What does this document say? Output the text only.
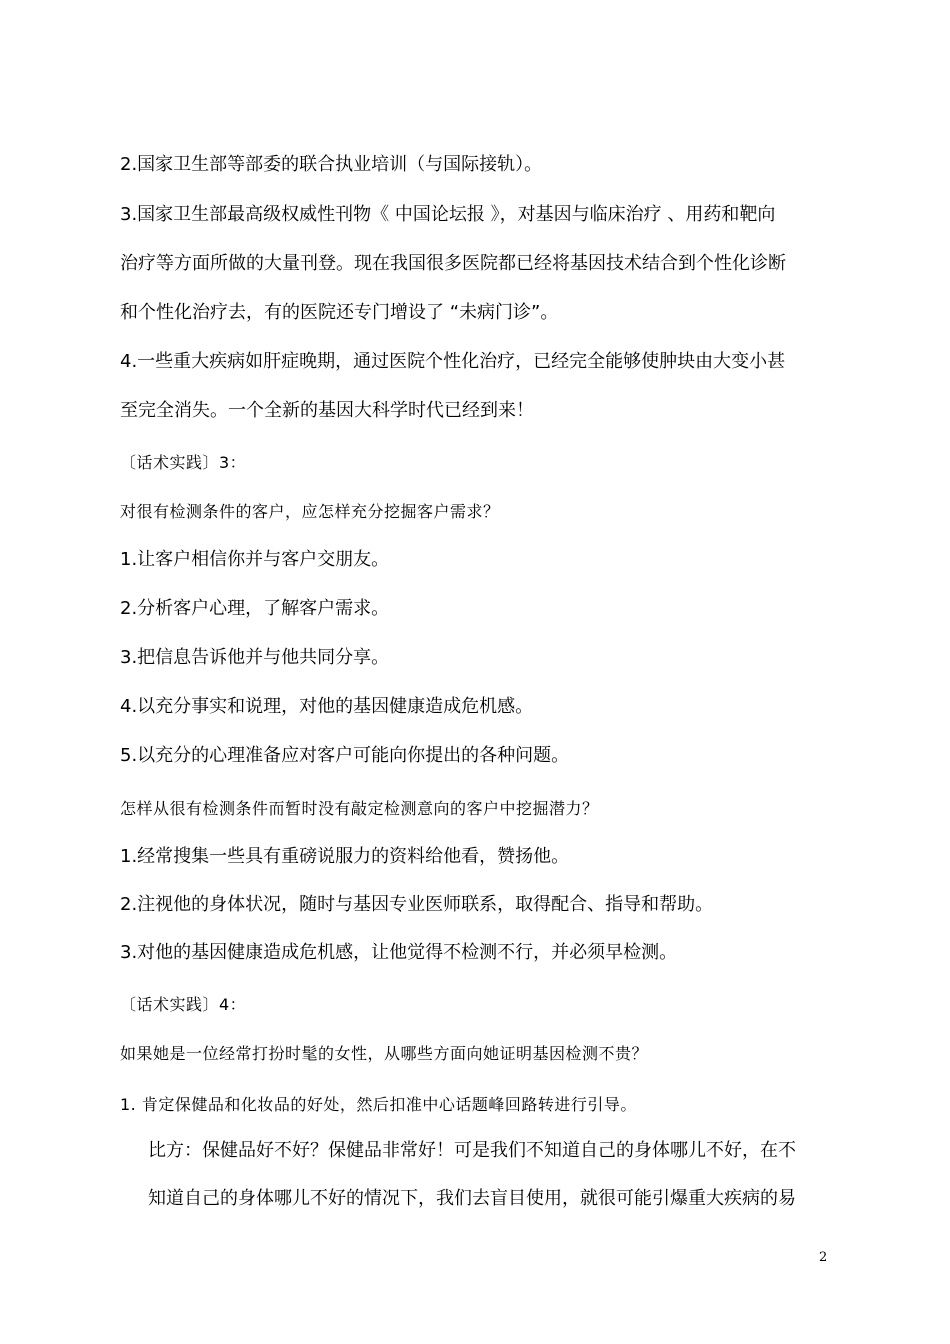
2.国家卫生部等部委的联合执业培训（与国际接轨）。
3.国家卫生部最高级权威性刊物《 中国论坛报 》，对基因与临床治疗 、用药和靶向
治疗等方面所做的大量刊登。现在我国很多医院都已经将基因技术结合到个性化诊断
和个性化治疗去，有的医院还专门增设了 “未病门诊”。
4.一些重大疾病如肝症晚期，通过医院个性化治疗，已经完全能够使肿块由大变小甚
至完全消失。一个全新的基因大科学时代已经到来！
〔话术实践〕3：
对很有检测条件的客户，应怎样充分挖掘客户需求？
1.让客户相信你并与客户交朋友。
2.分析客户心理，了解客户需求。
3.把信息告诉他并与他共同分享。
4.以充分事实和说理，对他的基因健康造成危机感。
5.以充分的心理准备应对客户可能向你提出的各种问题。
怎样从很有检测条件而暂时没有敲定检测意向的客户中挖掘潜力？
1.经常搜集一些具有重磅说服力的资料给他看，赞扬他。
2.注视他的身体状况，随时与基因专业医师联系，取得配合、指导和帮助。
3.对他的基因健康造成危机感，让他觉得不检测不行，并必须早检测。
〔话术实践〕4：
如果她是一位经常打扮时髦的女性，从哪些方面向她证明基因检测不贵？
1. 肯定保健品和化妆品的好处，然后扣准中心话题峰回路转进行引导。
比方：保健品好不好？保健品非常好！可是我们不知道自己的身体哪儿不好，在不
知道自己的身体哪儿不好的情况下，我们去盲目使用，就很可能引爆重大疾病的易
2
